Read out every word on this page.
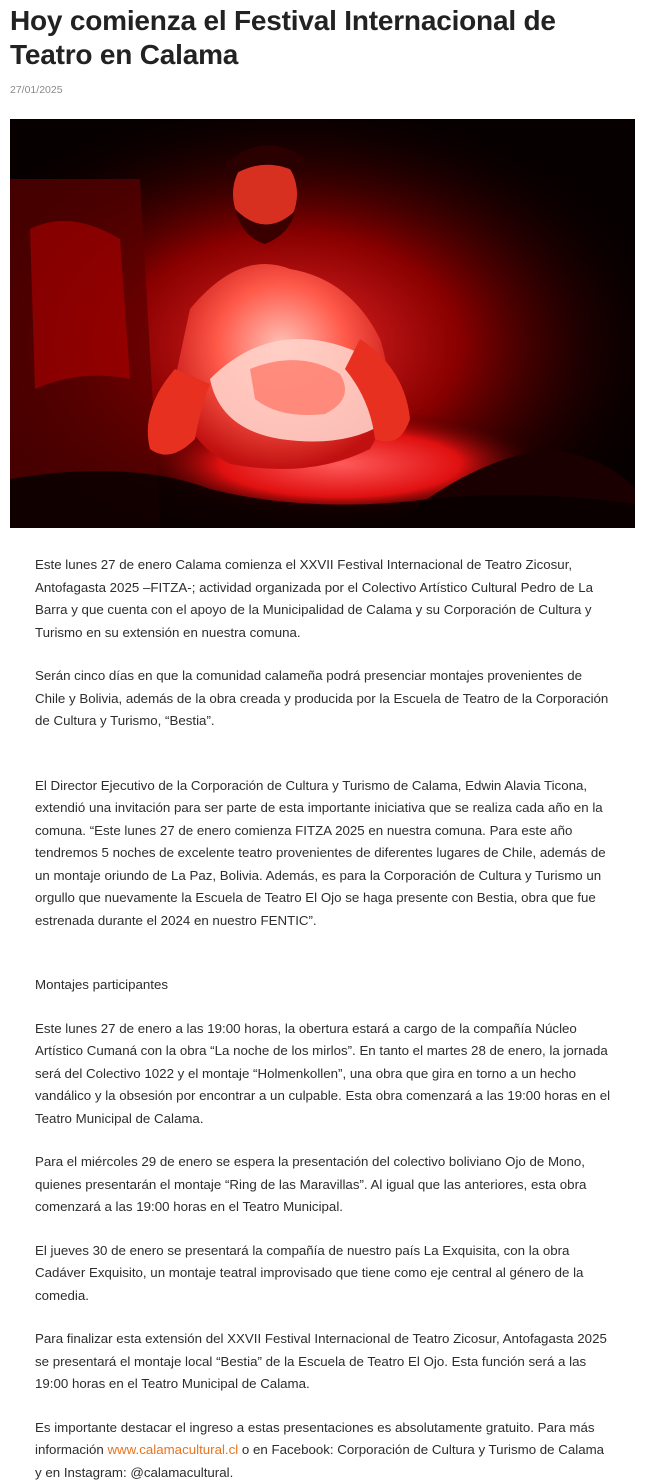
Hoy comienza el Festival Internacional de Teatro en Calama
27/01/2025

Este lunes 27 de enero Calama comienza el XXVII Festival Internacional de Teatro Zicosur, Antofagasta 2025 –FITZA-; actividad organizada por el Colectivo Artístico Cultural Pedro de La Barra y que cuenta con el apoyo de la Municipalidad de Calama y su Corporación de Cultura y Turismo en su extensión en nuestra comuna.

Serán cinco días en que la comunidad calameña podrá presenciar montajes provenientes de Chile y Bolivia, además de la obra creada y producida por la Escuela de Teatro de la Corporación de Cultura y Turismo, “Bestia”.

El Director Ejecutivo de la Corporación de Cultura y Turismo de Calama, Edwin Alavia Ticona, extendió una invitación para ser parte de esta importante iniciativa que se realiza cada año en la comuna. “Este lunes 27 de enero comienza FITZA 2025 en nuestra comuna. Para este año tendremos 5 noches de excelente teatro provenientes de diferentes lugares de Chile, además de un montaje oriundo de La Paz, Bolivia. Además, es para la Corporación de Cultura y Turismo un orgullo que nuevamente la Escuela de Teatro El Ojo se haga presente con Bestia, obra que fue estrenada durante el 2024 en nuestro FENTIC”.

Montajes participantes

Este lunes 27 de enero a las 19:00 horas, la obertura estará a cargo de la compañía Núcleo Artístico Cumaná con la obra “La noche de los mirlos”. En tanto el martes 28 de enero, la jornada será del Colectivo 1022 y el montaje “Holmenkollen”, una obra que gira en torno a un hecho vandálico y la obsesión por encontrar a un culpable. Esta obra comenzará a las 19:00 horas en el Teatro Municipal de Calama.

Para el miércoles 29 de enero se espera la presentación del colectivo boliviano Ojo de Mono, quienes presentarán el montaje “Ring de las Maravillas”. Al igual que las anteriores, esta obra comenzará a las 19:00 horas en el Teatro Municipal.

El jueves 30 de enero se presentará la compañía de nuestro país La Exquisita, con la obra Cadáver Exquisito, un montaje teatral improvisado que tiene como eje central al género de la comedia.

Para finalizar esta extensión del XXVII Festival Internacional de Teatro Zicosur, Antofagasta 2025 se presentará el montaje local “Bestia” de la Escuela de Teatro El Ojo. Esta función será a las 19:00 horas en el Teatro Municipal de Calama.

Es importante destacar el ingreso a estas presentaciones es absolutamente gratuito. Para más información www.calamacultural.cl o en Facebook: Corporación de Cultura y Turismo de Calama y en Instagram: @calamacultural.
